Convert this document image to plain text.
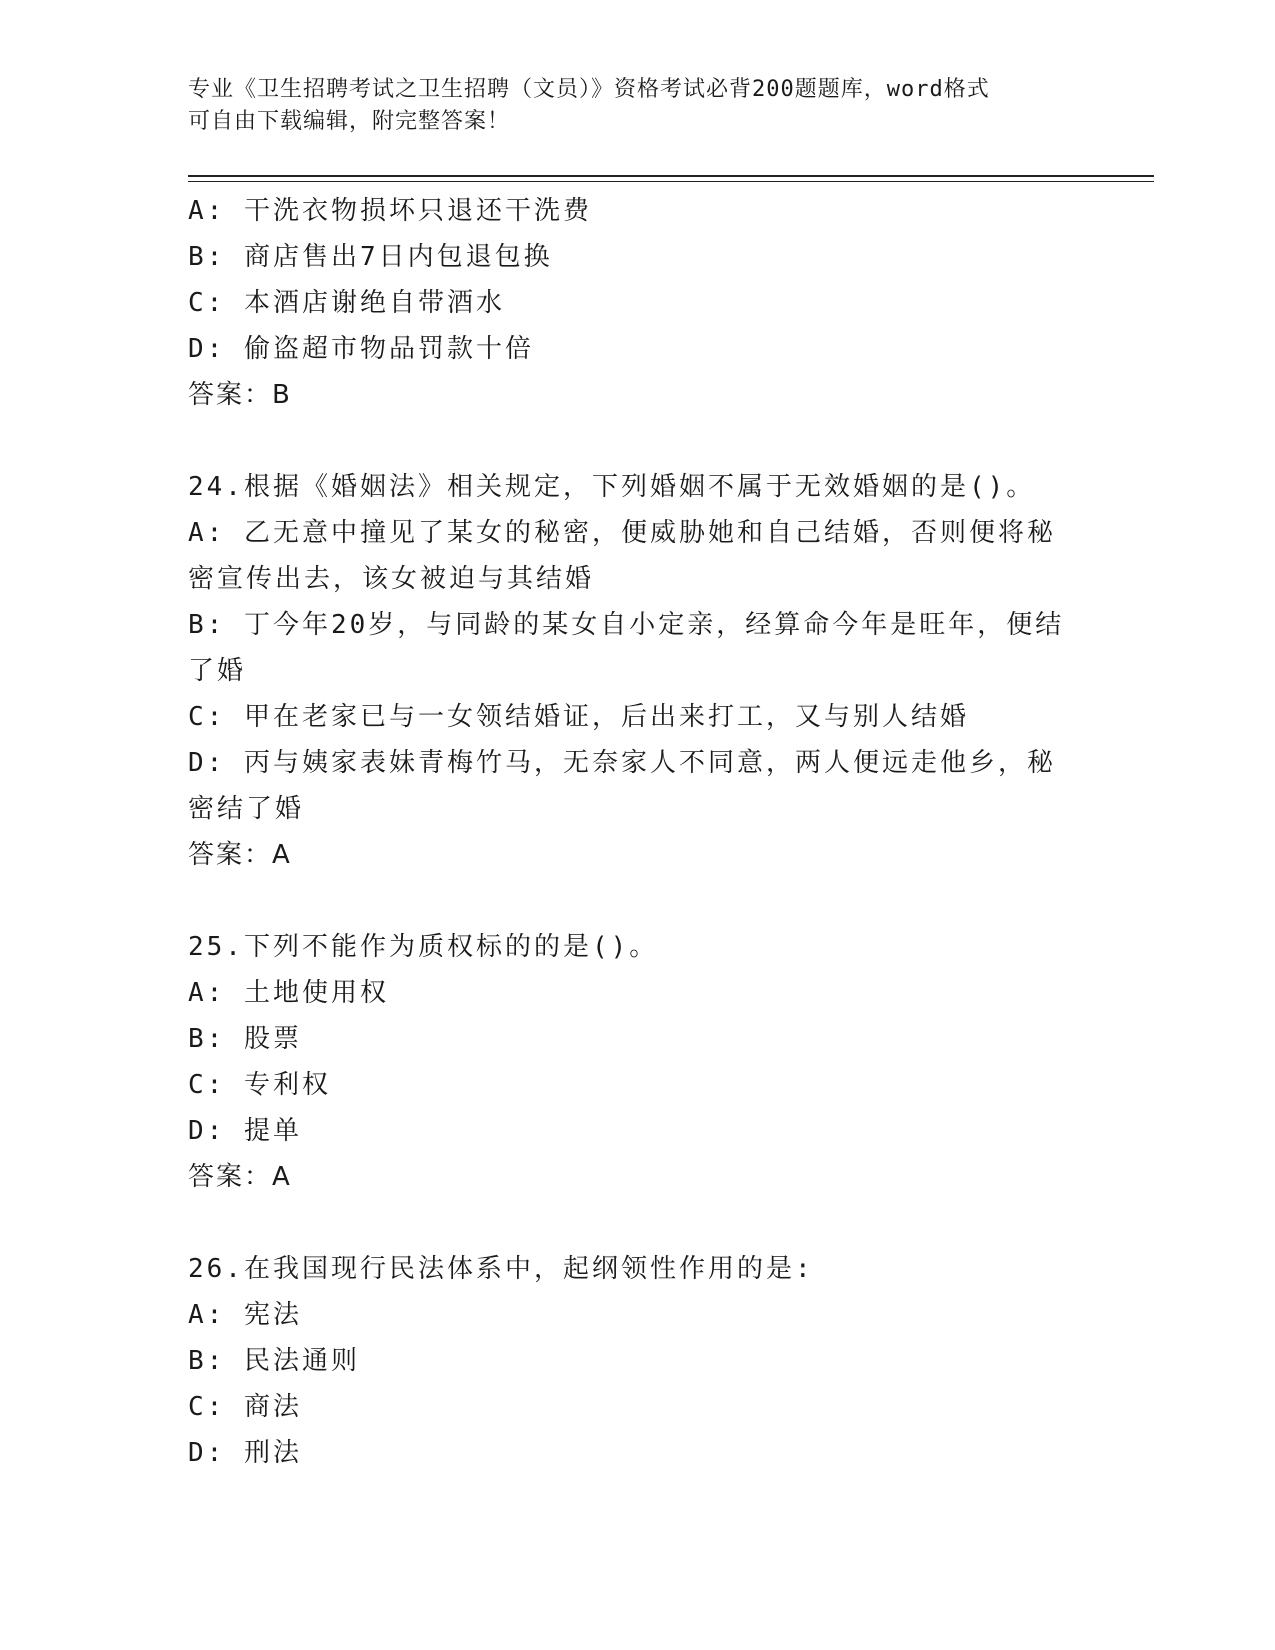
专业《卫生招聘考试之卫生招聘（文员）》资格考试必背200题题库，word格式
可自由下载编辑，附完整答案！
A: 干洗衣物损坏只退还干洗费
B: 商店售出7日内包退包换
C: 本酒店谢绝自带酒水
D: 偷盗超市物品罚款十倍
答案：B
24.根据《婚姻法》相关规定，下列婚姻不属于无效婚姻的是()。
A: 乙无意中撞见了某女的秘密，便威胁她和自己结婚，否则便将秘密宣传出去，该女被迫与其结婚
B: 丁今年20岁，与同龄的某女自小定亲，经算命今年是旺年，便结了婚
C: 甲在老家已与一女领结婚证，后出来打工，又与别人结婚
D: 丙与姨家表妹青梅竹马，无奈家人不同意，两人便远走他乡，秘密结了婚
答案：A
25.下列不能作为质权标的的是()。
A: 土地使用权
B: 股票
C: 专利权
D: 提单
答案：A
26.在我国现行民法体系中，起纲领性作用的是:
A: 宪法
B: 民法通则
C: 商法
D: 刑法
